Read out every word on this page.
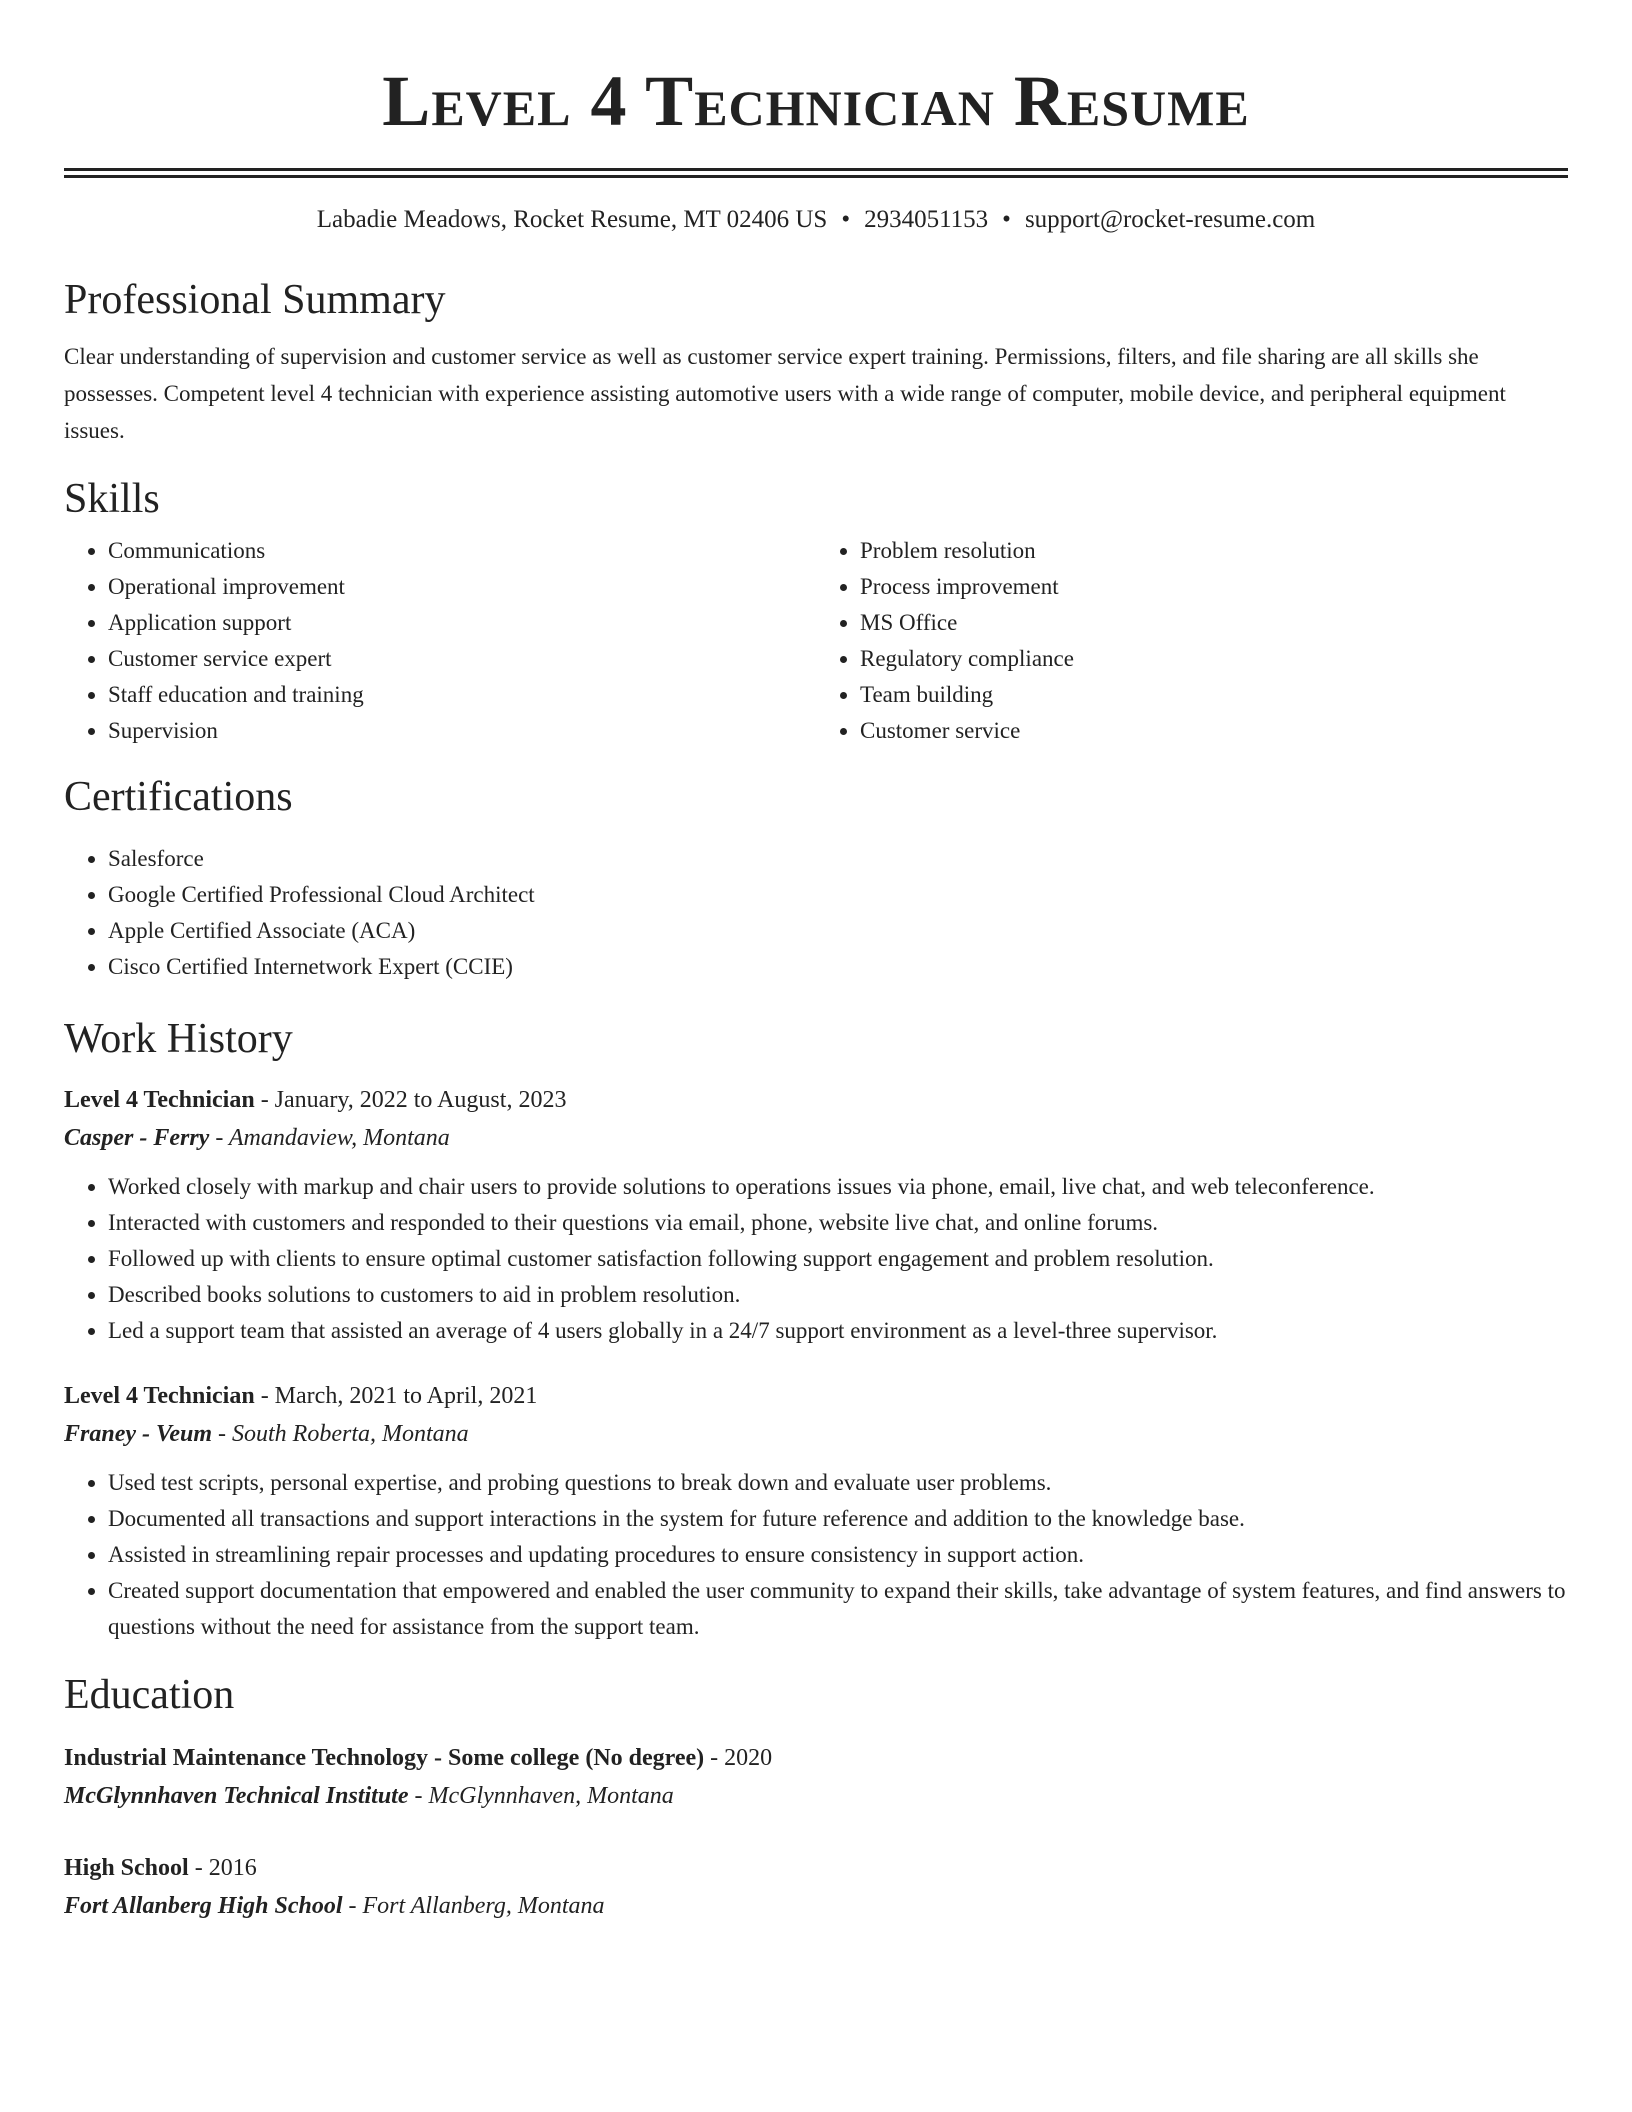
Level 4 Technician Resume
Labadie Meadows, Rocket Resume, MT 02406 US • 2934051153 • support@rocket-resume.com
Professional Summary

Clear understanding of supervision and customer service as well as customer service expert training. Permissions, filters, and file sharing are all skills she possesses. Competent level 4 technician with experience assisting automotive users with a wide range of computer, mobile device, and peripheral equipment issues.

Skills
• Communications
• Operational improvement
• Application support
• Customer service expert
• Staff education and training
• Supervision
• Problem resolution
• Process improvement
• MS Office
• Regulatory compliance
• Team building
• Customer service
Certifications
• Salesforce
• Google Certified Professional Cloud Architect
• Apple Certified Associate (ACA)
• Cisco Certified Internetwork Expert (CCIE)
Work History
Level 4 Technician - January, 2022 to August, 2023
Casper - Ferry - Amandaview, Montana
• Worked closely with markup and chair users to provide solutions to operations issues via phone, email, live chat, and web teleconference.
• Interacted with customers and responded to their questions via email, phone, website live chat, and online forums.
• Followed up with clients to ensure optimal customer satisfaction following support engagement and problem resolution.
• Described books solutions to customers to aid in problem resolution.
• Led a support team that assisted an average of 4 users globally in a 24/7 support environment as a level-three supervisor.
Level 4 Technician - March, 2021 to April, 2021
Franey - Veum - South Roberta, Montana
• Used test scripts, personal expertise, and probing questions to break down and evaluate user problems.
• Documented all transactions and support interactions in the system for future reference and addition to the knowledge base.
• Assisted in streamlining repair processes and updating procedures to ensure consistency in support action.
• Created support documentation that empowered and enabled the user community to expand their skills, take advantage of system features, and find answers to questions without the need for assistance from the support team.
Education
Industrial Maintenance Technology - Some college (No degree) - 2020
McGlynnhaven Technical Institute - McGlynnhaven, Montana
High School - 2016
Fort Allanberg High School - Fort Allanberg, Montana
